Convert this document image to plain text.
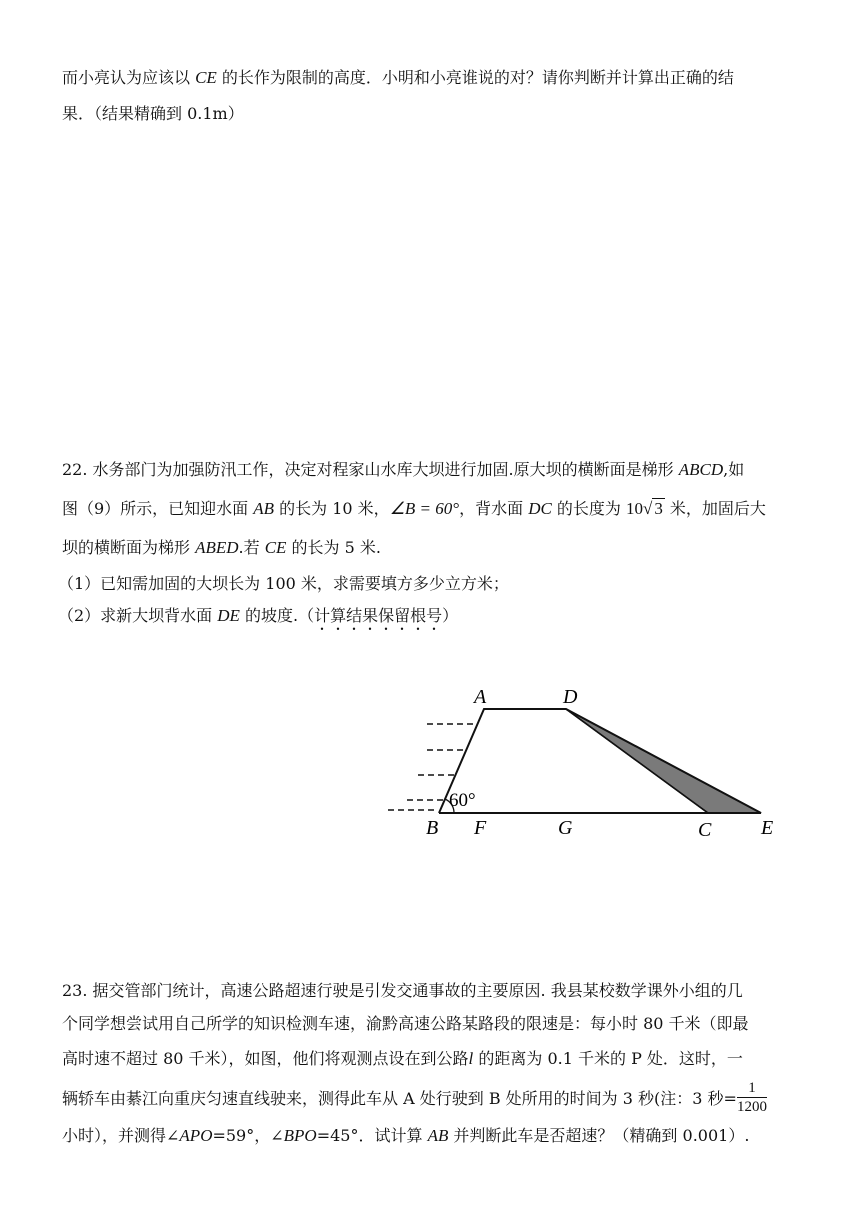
而小亮认为应该以 CE 的长作为限制的高度．小明和小亮谁说的对？请你判断并计算出正确的结
果．（结果精确到 0.1m）
22. 水务部门为加强防汛工作，决定对程家山水库大坝进行加固.原大坝的横断面是梯形 ABCD,如
图（9）所示，已知迎水面 AB 的长为 10 米，∠B = 60°，背水面 DC 的长度为 10√ 3 米，加固后大
坝的横断面为梯形 ABED.若 CE 的长为 5 米.
（1）已知需加固的大坝长为 100 米，求需要填方多少立方米；
（2）求新大坝背水面 DE 的坡度.（计算结果保留根号）
60°
A	D
B F	G	C E
23. 据交管部门统计，高速公路超速行驶是引发交通事故的主要原因. 我县某校数学课外小组的几
个同学想尝试用自己所学的知识检测车速，渝黔高速公路某路段的限速是：每小时 80 千米（即最
高时速不超过 80 千米），如图，他们将观测点设在到公路l 的距离为 0.1 千米的 P 处．这时，一
辆轿车由綦江向重庆匀速直线驶来，测得此车从 A 处行驶到 B 处所用的时间为 3 秒(注：3 秒= $\frac{1}{1200}$
小时），并测得∠APO=59°，∠BPO=45°．试计算 AB 并判断此车是否超速？（精确到 0.001）.
